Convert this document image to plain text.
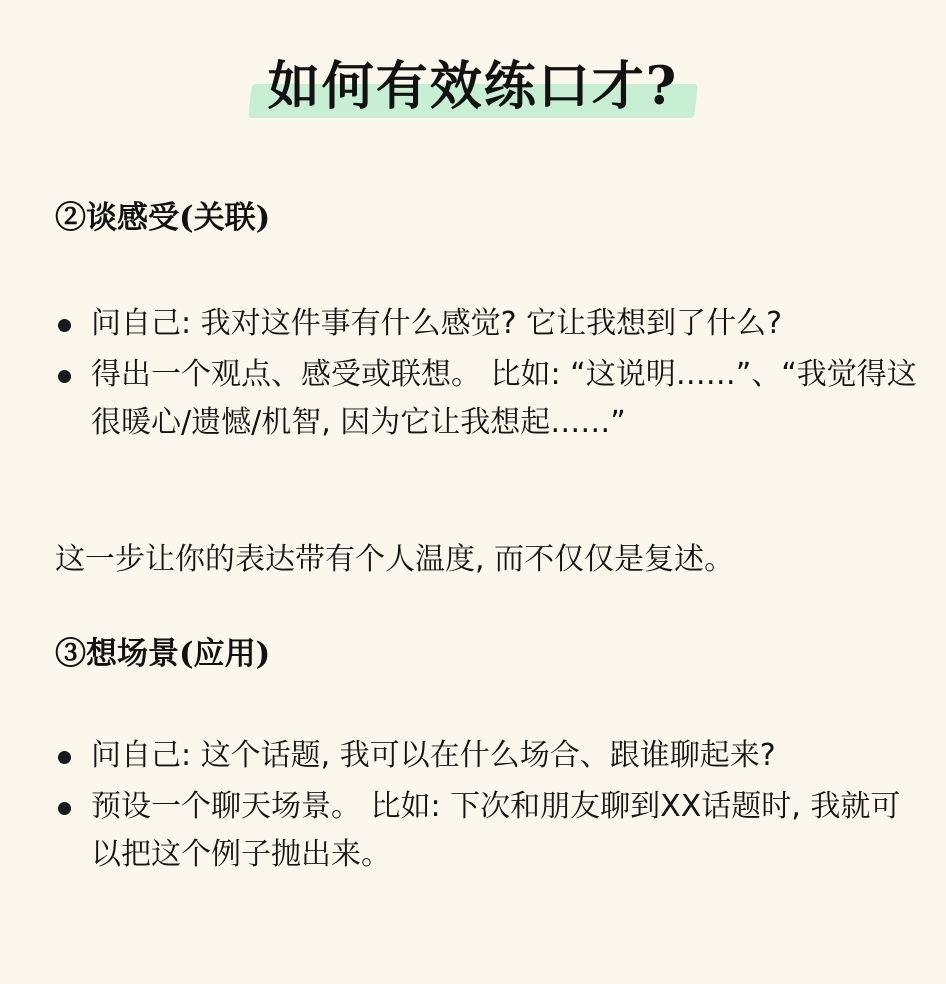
如何有效练口才?
②谈感受(关联)
问自己: 我对这件事有什么感觉? 它让我想到了什么?
得出一个观点、感受或联想。 比如: “这说明……”、“我觉得这很暖心/遗憾/机智, 因为它让我想起……”
这一步让你的表达带有个人温度, 而不仅仅是复述。
③想场景(应用)
问自己: 这个话题, 我可以在什么场合、跟谁聊起来?
预设一个聊天场景。 比如: 下次和朋友聊到XX话题时, 我就可以把这个例子抛出来。
